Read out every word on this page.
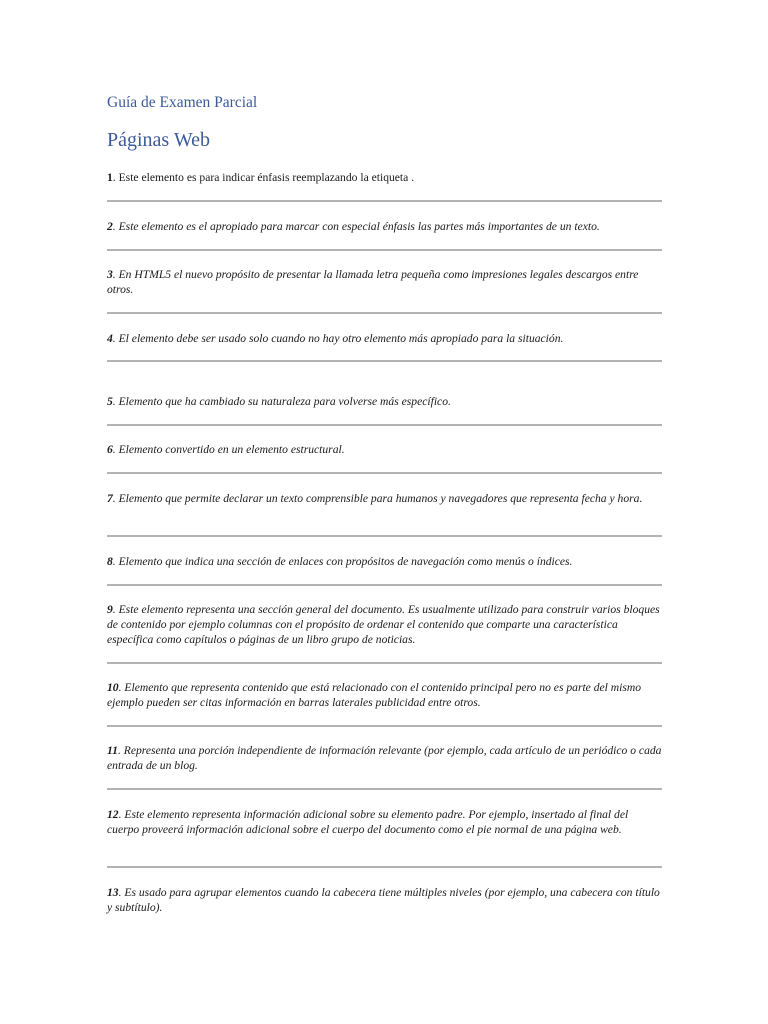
Guía de Examen Parcial
Páginas Web
1. Este elemento es para indicar énfasis reemplazando la etiqueta .
2. Este elemento es el apropiado para marcar con especial énfasis las partes más importantes de un texto.
3. En HTML5 el nuevo propósito de presentar la llamada letra pequeña como impresiones legales descargos entre otros.
4. El elemento debe ser usado solo cuando no hay otro elemento más apropiado para la situación.
5. Elemento que ha cambiado su naturaleza para volverse más específico.
6. Elemento convertido en un elemento estructural.
7. Elemento que permite declarar un texto comprensible para humanos y navegadores que representa fecha y hora.
8. Elemento que indica una sección de enlaces con propósitos de navegación como menús o índices.
9. Este elemento representa una sección general del documento. Es usualmente utilizado para construir varios bloques de contenido por ejemplo columnas con el propósito de ordenar el contenido que comparte una característica específica como capítulos o páginas de un libro grupo de noticias.
10. Elemento que representa contenido que está relacionado con el contenido principal pero no es parte del mismo ejemplo pueden ser citas información en barras laterales publicidad entre otros.
11. Representa una porción independiente de información relevante (por ejemplo, cada artículo de un periódico o cada entrada de un blog.
12. Este elemento representa información adicional sobre su elemento padre. Por ejemplo, insertado al final del cuerpo proveerá información adicional sobre el cuerpo del documento como el pie normal de una página web.
13. Es usado para agrupar elementos cuando la cabecera tiene múltiples niveles (por ejemplo, una cabecera con título y subtítulo).
